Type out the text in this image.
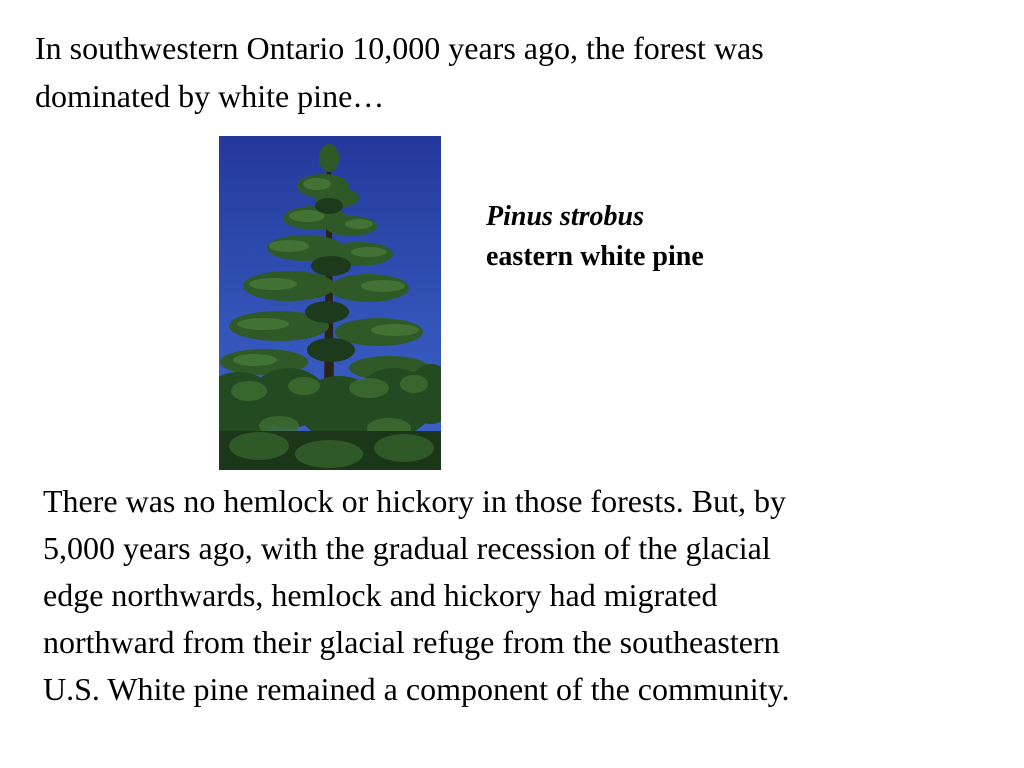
In southwestern Ontario 10,000 years ago, the forest was
dominated by white pine…

Pinus strobus
eastern white pine

There was no hemlock or hickory in those forests. But, by
5,000 years ago, with the gradual recession of the glacial
edge northwards, hemlock and hickory had migrated
northward from their glacial refuge from the southeastern
U.S. White pine remained a component of the community.
